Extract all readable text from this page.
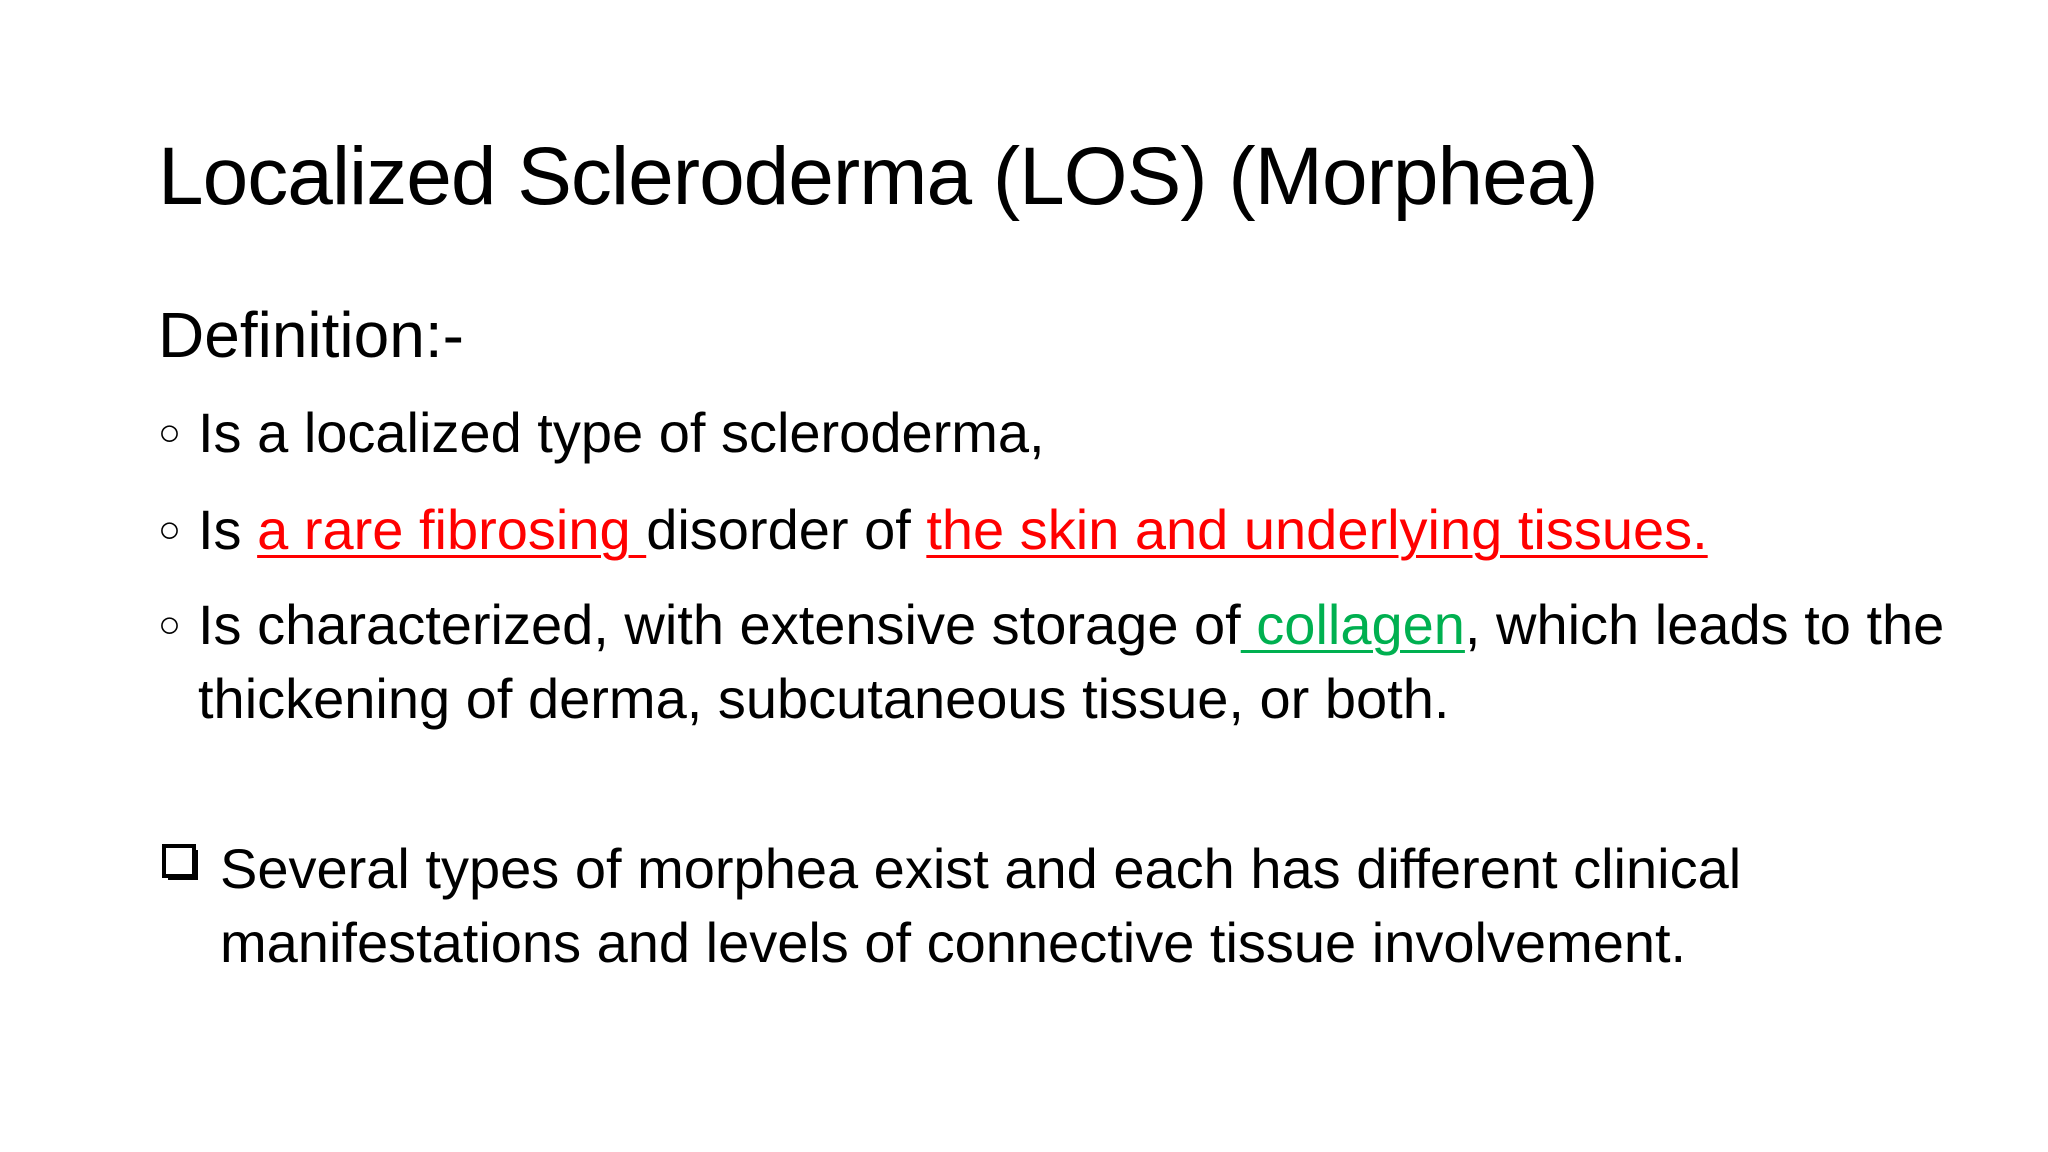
Localized Scleroderma (LOS) (Morphea)
Definition:-
○ Is a localized type of scleroderma,
○ Is a rare fibrosing disorder of the skin and underlying tissues.
○ Is characterized, with extensive storage of collagen, which leads to the thickening of derma, subcutaneous tissue, or both.
Several types of morphea exist and each has different clinical manifestations and levels of connective tissue involvement.
